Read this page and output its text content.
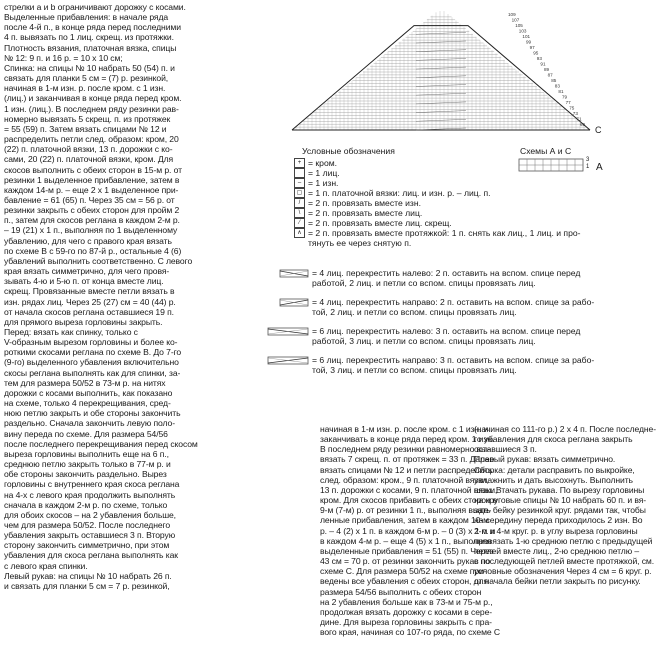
стрелки a и b ограничивают дорожку с косами.

Выделенные прибавления: в начале ряда

после 4-й п., в конце ряда перед последними

4 п. вывязать по 1 лиц. скрещ. из протяжки.

Плотность вязания, платочная вязка, спицы

№ 12: 9 п. и 16 р. = 10 х 10 см;

Спинка: на спицы № 10 набрать 50 (54) п. и

связать для планки 5 см = (7) р. резинкой,

начиная в 1-м изн. р. после кром. с 1 изн.

(лиц.) и заканчивая в конце ряда перед кром.

1 изн. (лиц.). В последнем ряду резинки рав-

номерно вывязать 5 скрещ. п. из протяжек

= 55 (59) п. Затем вязать спицами № 12 и

распределить петли след. образом: кром, 20

(22) п. платочной вязки, 13 п. дорожки с ко-

сами, 20 (22) п. платочной вязки, кром. Для

скосов выполнить с обеих сторон в 15-м р. от

резинки 1 выделенное прибавление, затем в

каждом 14-м р. – еще 2 х 1 выделенное при-

бавление = 61 (65) п. Через 35 см = 56 р. от

резинки закрыть с обеих сторон для пройм 2

п., затем для скосов реглана в каждом 2-м р.

– 19 (21) х 1 п., выполняя по 1 выделенному

убавлению, для чего с правого края вязать

по схеме В с 59-го по 87-й р., остальные 4 (6)

убавлений выполнить соответственно. С левого

края вязать симметрично, для чего провя-

зывать 4-ю и 5-ю п. от конца вместе лиц.

скрещ. Провязанные вместе петли вязать в

изн. рядах лиц. Через 25 (27) см = 40 (44) р.

от начала скосов реглана оставшиеся 19 п.

для прямого выреза горловины закрыть.

Перед: вязать как спинку, только с

V-образным вырезом горловины и более ко-

роткими скосами реглана по схеме В. До 7-го

(9-го) выделенного убавления включительно

скосы реглана выполнять как для спинки, за-

тем для размера 50/52 в 73-м р. на нитях

дорожки с косами выполнить, как показано

на схеме, только 4 перекрещивания, сред-

нюю петлю закрыть и обе стороны закончить

раздельно. Сначала закончить левую поло-

вину переда по схеме. Для размера 54/56

после последнего перекрещивания перед скосом

выреза горловины выполнить еще на 6 п.,

среднюю петлю закрыть только в 77-м р. и

обе стороны закончить раздельно. Вырез

горловины с внутреннего края скоса реглана

на 4-х с левого края продолжить выполнять

сначала в каждом 2-м р. по схеме, только

для обоих скосов – на 2 убавления больше,

чем для размера 50/52. После последнего

убавления закрыть оставшиеся 3 п. Вторую

сторону закончить симметрично, при этом

убавления для скоса реглана выполнять как

с левого края спинки.

Левый рукав: на спицы № 10 набрать 26 п.

и связать для планки 5 см = 7 р. резинкой,

109
107
105
103
101
99
97
95
93
91
89
87
85
83
81
79
77
75
73
71
69
C
Условные обозначения
+ = кром.
= 1 лиц.
– = 1 изн.
▢ = 1 п. платочной вязки: лиц. и изн. р. – лиц. п.
/ = 2 п. провязать вместе изн.
\ = 2 п. провязать вместе лиц.
⁄ = 2 п. провязать вместе лиц. скрещ.
∧ = 2 п. провязать вместе протяжкой: 1 п. снять как лиц., 1 лиц. и про-
тянуть ее через снятую п.
= 4 лиц. перекрестить налево: 2 п. оставить на вспом. спице перед
работой, 2 лиц. и петли со вспом. спицы провязать лиц.
= 4 лиц. перекрестить направо: 2 п. оставить на вспом. спице за рабо-
той, 2 лиц. и петли со вспом. спицы провязать лиц.
= 6 лиц. перекрестить налево: 3 п. оставить на вспом. спице перед
работой, 3 лиц. и петли со вспом. спицы провязать лиц.
= 6 лиц. перекрестить направо: 3 п. оставить на вспом. спице за рабо-
той, 3 лиц. и петли со вспом. спицы провязать лиц.
Схемы А и С
3
1 A

начиная в 1-м изн. р. после кром. с 1 изн. и

заканчивать в конце ряда перед кром. 1 изн.

В последнем ряду резинки равномерно вы-

вязать 7 скрещ. п. от протяжек = 33 п. Далее

вязать спицами № 12 и петли распределить

след. образом: кром., 9 п. платочной вязки,

13 п. дорожки с косами, 9 п. платочной вязки,

кром. Для скосов прибавить с обеих сторон в

9-м (7-м) р. от резинки 1 п., выполняя выде-

ленные прибавления, затем в каждом 10-м

р. – 4 (2) х 1 п. в каждом 6-м р. – 0 (3) х 1 п. и

в каждом 4-м р. – еще 4 (5) х 1 п., выполняя

выделенные прибавления = 51 (55) п. Через

43 см = 70 р. от резинки закончить рукав по

схеме С. Для размера 50/52 на схеме при-

ведены все убавления с обеих сторон, для

размера 54/56 выполнить с обеих сторон

на 2 убавления больше как в 73-м и 75-м р.,

продолжая вязать дорожку с косами в сере-

дине. Для выреза горловины закрыть с пра-

вого края, начиная со 107-го ряда, по схеме С

(начиная со 111-го р.) 2 х 4 п. После последне-

го убавления для скоса реглана закрыть

оставшиеся 3 п.

Правый рукав: вязать симметрично.

Сборка: детали расправить по выкройке,

увлажнить и дать высохнуть. Выполнить

швы. Втачать рукава. По вырезу горловины

на круговые спицы № 10 набрать 60 п. и вя-

зать бейку резинкой круг. рядами так, чтобы

на середину переда приходилось 2 изн. Во

2-м и 4-м круг. р. в углу выреза горловины

провязать 1-ю среднюю петлю с предыдущей

петлей вместе лиц., 2-ю среднюю петлю –

с последующей петлей вместе протяжкой, см.

условные обозначения Через 4 см = 6 круг. р.

от начала бейки петли закрыть по рисунку.
